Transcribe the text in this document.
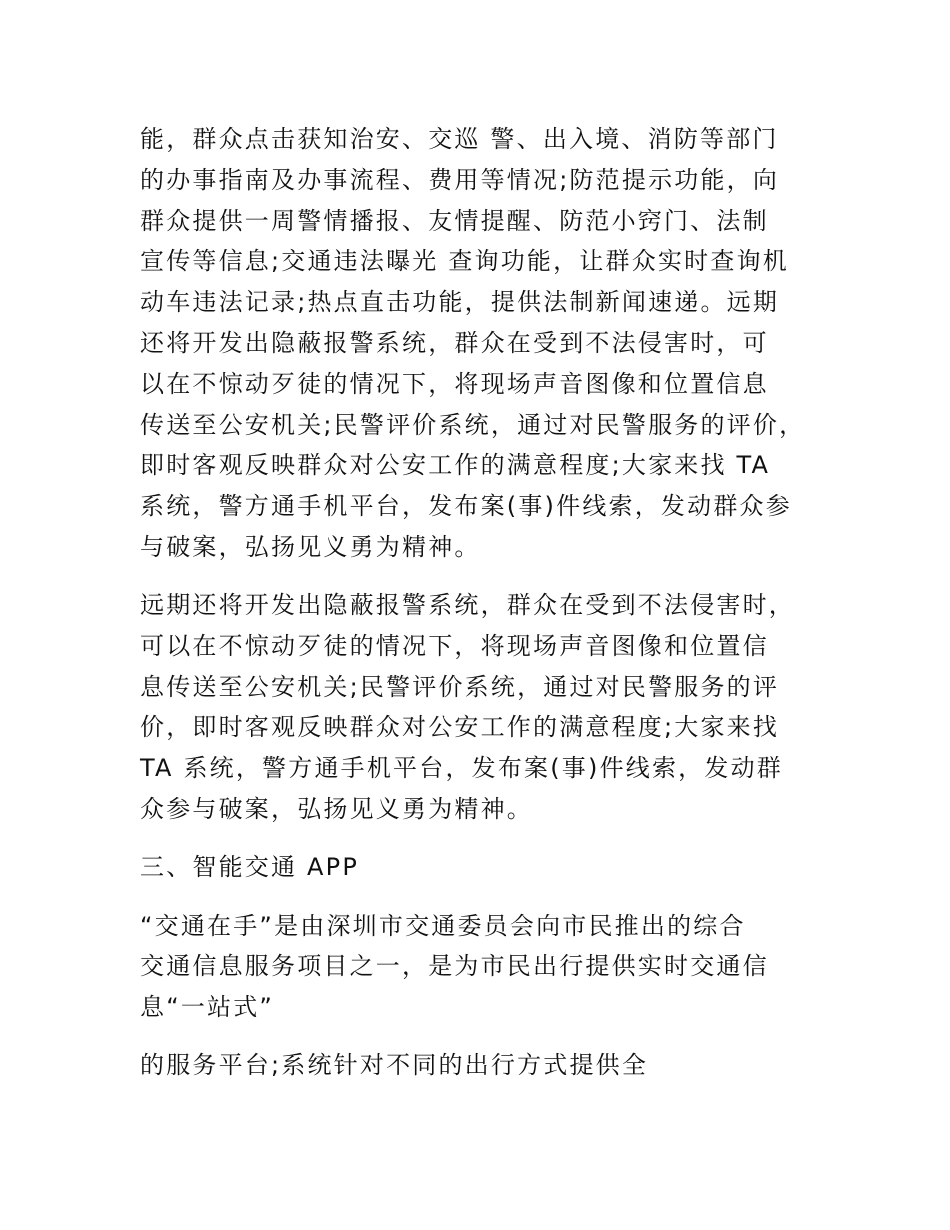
能，群众点击获知治安、交巡 警、出入境、消防等部门

的办事指南及办事流程、费用等情况;防范提示功能，向

群众提供一周警情播报、友情提醒、防范小窍门、法制

宣传等信息;交通违法曝光 查询功能，让群众实时查询机

动车违法记录;热点直击功能，提供法制新闻速递。远期

还将开发出隐蔽报警系统，群众在受到不法侵害时，可

以在不惊动歹徒的情况下，将现场声音图像和位置信息

传送至公安机关;民警评价系统，通过对民警服务的评价，

即时客观反映群众对公安工作的满意程度;大家来找 TA

系统，警方通手机平台，发布案(事)件线索，发动群众参

与破案，弘扬见义勇为精神。

远期还将开发出隐蔽报警系统，群众在受到不法侵害时，

可以在不惊动歹徒的情况下，将现场声音图像和位置信

息传送至公安机关;民警评价系统，通过对民警服务的评

价，即时客观反映群众对公安工作的满意程度;大家来找

TA 系统，警方通手机平台，发布案(事)件线索，发动群

众参与破案，弘扬见义勇为精神。

三、智能交通 APP

“交通在手”是由深圳市交通委员会向市民推出的综合

交通信息服务项目之一，是为市民出行提供实时交通信

息“一站式”

的服务平台;系统针对不同的出行方式提供全
